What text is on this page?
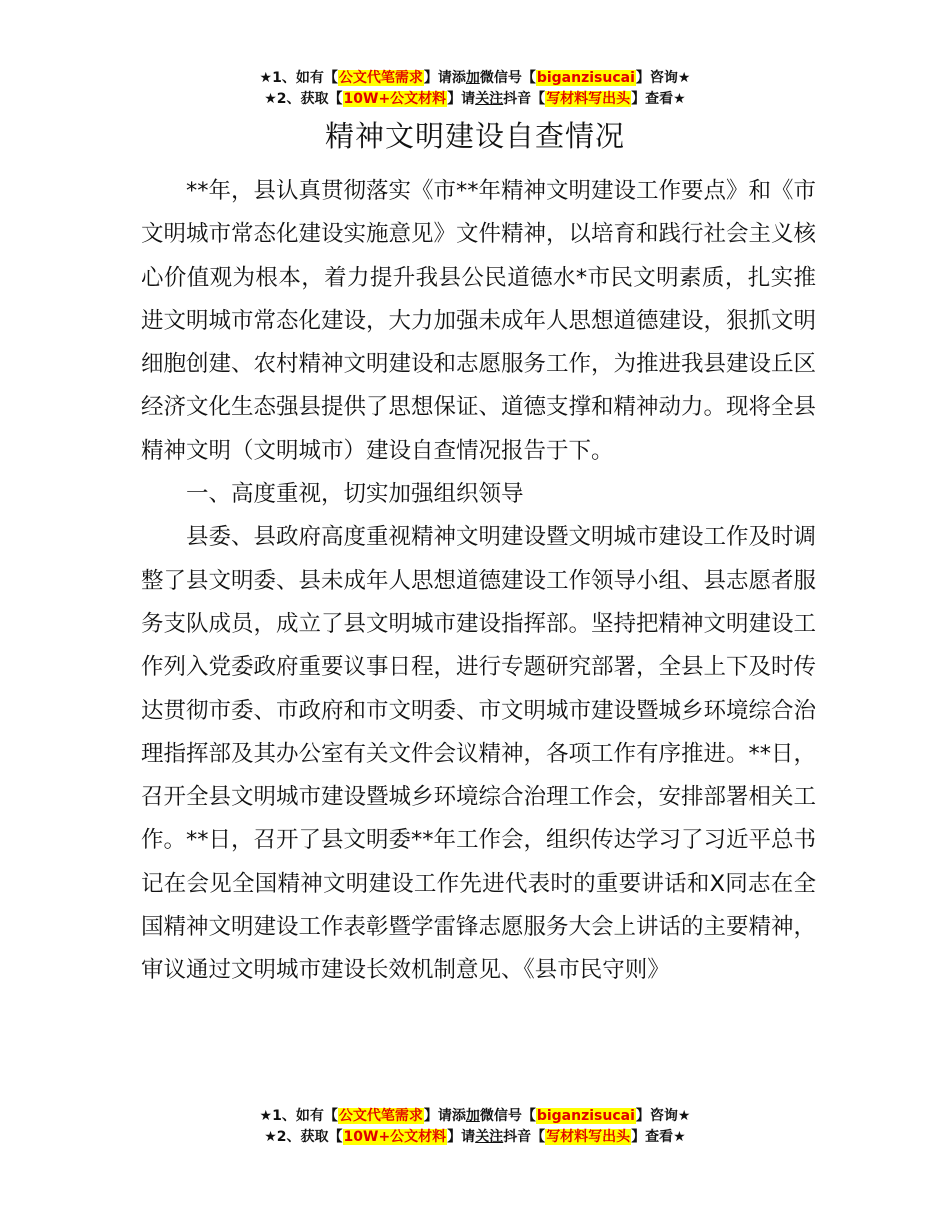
★1、如有【公文代笔需求】请添加微信号【biganzisucai】咨询★
★2、获取【10W+公文材料】请关注抖音【写材料写出头】查看★
精神文明建设自查情况

**年，县认真贯彻落实《市**年精神文明建设工作要点》和《市文明城市常态化建设实施意见》文件精神，以培育和践行社会主义核心价值观为根本，着力提升我县公民道德水*市民文明素质，扎实推进文明城市常态化建设，大力加强未成年人思想道德建设，狠抓文明细胞创建、农村精神文明建设和志愿服务工作，为推进我县建设丘区经济文化生态强县提供了思想保证、道德支撑和精神动力。现将全县精神文明（文明城市）建设自查情况报告于下。

一、高度重视，切实加强组织领导

县委、县政府高度重视精神文明建设暨文明城市建设工作及时调整了县文明委、县未成年人思想道德建设工作领导小组、县志愿者服务支队成员，成立了县文明城市建设指挥部。坚持把精神文明建设工作列入党委政府重要议事日程，进行专题研究部署，全县上下及时传达贯彻市委、市政府和市文明委、市文明城市建设暨城乡环境综合治理指挥部及其办公室有关文件会议精神，各项工作有序推进。**日，召开全县文明城市建设暨城乡环境综合治理工作会，安排部署相关工作。**日，召开了县文明委**年工作会，组织传达学习了习近平总书记在会见全国精神文明建设工作先进代表时的重要讲话和X同志在全国精神文明建设工作表彰暨学雷锋志愿服务大会上讲话的主要精神，审议通过文明城市建设长效机制意见、《县市民守则》

★1、如有【公文代笔需求】请添加微信号【biganzisucai】咨询★
★2、获取【10W+公文材料】请关注抖音【写材料写出头】查看★
